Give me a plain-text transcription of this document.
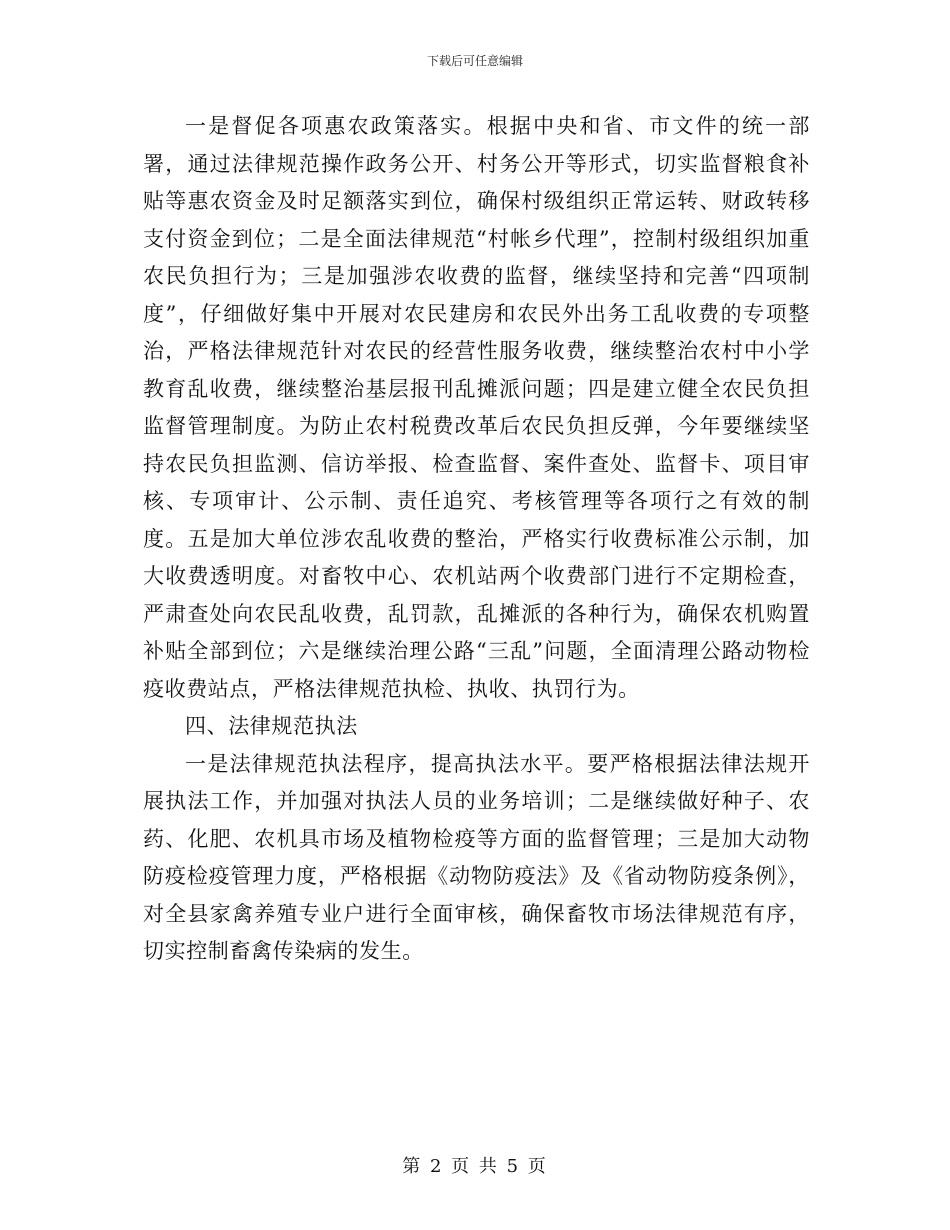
下载后可任意编辑

一是督促各项惠农政策落实。根据中央和省、市文件的统一部署，通过法律规范操作政务公开、村务公开等形式，切实监督粮食补贴等惠农资金及时足额落实到位，确保村级组织正常运转、财政转移支付资金到位；二是全面法律规范“村帐乡代理”，控制村级组织加重农民负担行为；三是加强涉农收费的监督，继续坚持和完善“四项制度”，仔细做好集中开展对农民建房和农民外出务工乱收费的专项整治，严格法律规范针对农民的经营性服务收费，继续整治农村中小学教育乱收费，继续整治基层报刊乱摊派问题；四是建立健全农民负担监督管理制度。为防止农村税费改革后农民负担反弹，今年要继续坚持农民负担监测、信访举报、检查监督、案件查处、监督卡、项目审核、专项审计、公示制、责任追究、考核管理等各项行之有效的制度。五是加大单位涉农乱收费的整治，严格实行收费标准公示制，加大收费透明度。对畜牧中心、农机站两个收费部门进行不定期检查，严肃查处向农民乱收费，乱罚款，乱摊派的各种行为，确保农机购置补贴全部到位；六是继续治理公路“三乱”问题，全面清理公路动物检疫收费站点，严格法律规范执检、执收、执罚行为。

四、法律规范执法

一是法律规范执法程序，提高执法水平。要严格根据法律法规开展执法工作，并加强对执法人员的业务培训；二是继续做好种子、农药、化肥、农机具市场及植物检疫等方面的监督管理；三是加大动物防疫检疫管理力度，严格根据《动物防疫法》及《省动物防疫条例》，对全县家禽养殖专业户进行全面审核，确保畜牧市场法律规范有序，切实控制畜禽传染病的发生。

第 2 页 共 5 页
